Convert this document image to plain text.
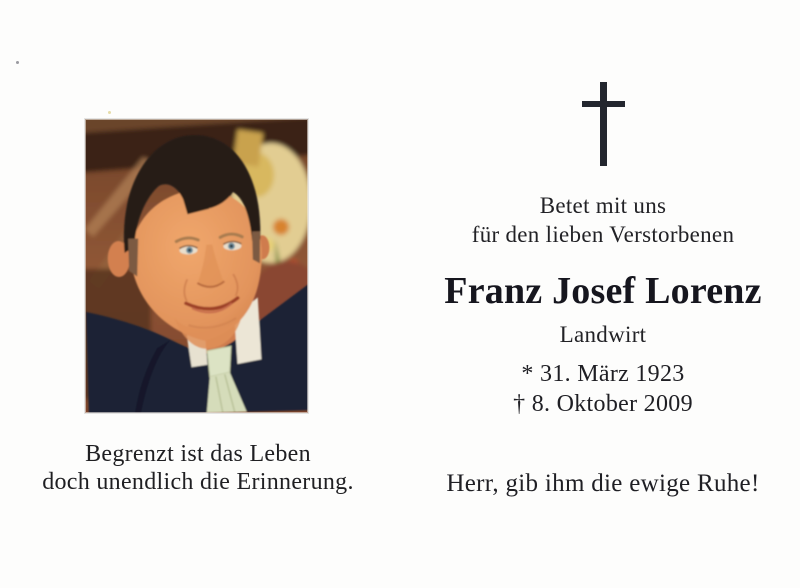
Begrenzt ist das Leben
doch unendlich die Erinnerung.
Betet mit uns
für den lieben Verstorbenen
Franz Josef Lorenz
Landwirt
* 31. März 1923
† 8. Oktober 2009
Herr, gib ihm die ewige Ruhe!
